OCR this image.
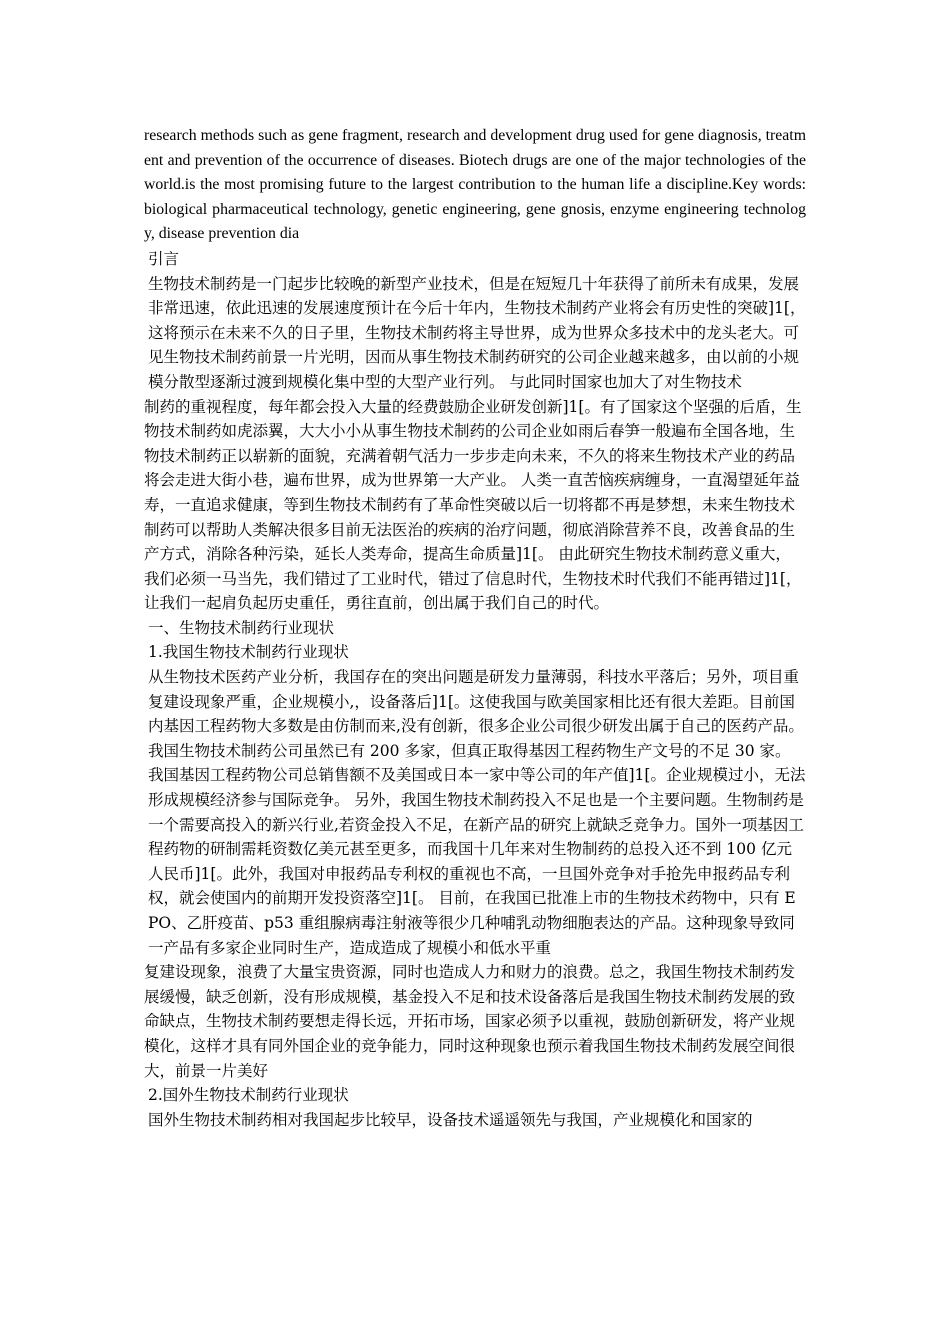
research methods such as gene fragment, research and development drug used for gene diagnosis, treatment and prevention of the occurrence of diseases. Biotech drugs are one of the major technologies of the world.is the most promising future to the largest contribution to the human life a discipline.Key words: biological pharmaceutical technology, genetic engineering, gene gnosis, enzyme engineering technology, disease prevention dia

引言

生物技术制药是一门起步比较晚的新型产业技术，但是在短短几十年获得了前所未有成果，发展非常迅速，依此迅速的发展速度预计在今后十年内，生物技术制药产业将会有历史性的突破]1[，这将预示在未来不久的日子里，生物技术制药将主导世界，成为世界众多技术中的龙头老大。可见生物技术制药前景一片光明，因而从事生物技术制药研究的公司企业越来越多，由以前的小规模分散型逐渐过渡到规模化集中型的大型产业行列。 与此同时国家也加大了对生物技术

制药的重视程度，每年都会投入大量的经费鼓励企业研发创新]1[。有了国家这个坚强的后盾，生物技术制药如虎添翼，大大小小从事生物技术制药的公司企业如雨后春笋一般遍布全国各地，生物技术制药正以崭新的面貌，充满着朝气活力一步步走向未来，不久的将来生物技术产业的药品将会走进大街小巷，遍布世界，成为世界第一大产业。 人类一直苦恼疾病缠身，一直渴望延年益寿，一直追求健康，等到生物技术制药有了革命性突破以后一切将都不再是梦想，未来生物技术制药可以帮助人类解决很多目前无法医治的疾病的治疗问题，彻底消除营养不良，改善食品的生产方式，消除各种污染，延长人类寿命，提高生命质量]1[。 由此研究生物技术制药意义重大，我们必须一马当先，我们错过了工业时代，错过了信息时代，生物技术时代我们不能再错过]1[，让我们一起肩负起历史重任，勇往直前，创出属于我们自己的时代。

一、生物技术制药行业现状

1.我国生物技术制药行业现状

从生物技术医药产业分析，我国存在的突出问题是研发力量薄弱，科技水平落后；另外，项目重复建设现象严重，企业规模小,，设备落后]1[。这使我国与欧美国家相比还有很大差距。目前国内基因工程药物大多数是由仿制而来,没有创新，很多企业公司很少研发出属于自己的医药产品。我国生物技术制药公司虽然已有 200 多家，但真正取得基因工程药物生产文号的不足 30 家。我国基因工程药物公司总销售额不及美国或日本一家中等公司的年产值]1[。企业规模过小，无法形成规模经济参与国际竞争。 另外，我国生物技术制药投入不足也是一个主要问题。生物制药是一个需要高投入的新兴行业,若资金投入不足，在新产品的研究上就缺乏竞争力。国外一项基因工程药物的研制需耗资数亿美元甚至更多，而我国十几年来对生物制药的总投入还不到 100 亿元人民币]1[。此外，我国对申报药品专利权的重视也不高，一旦国外竞争对手抢先申报药品专利权，就会使国内的前期开发投资落空]1[。 目前，在我国已批准上市的生物技术药物中，只有 EPO、乙肝疫苗、p53 重组腺病毒注射液等很少几种哺乳动物细胞表达的产品。这种现象导致同一产品有多家企业同时生产，造成造成了规模小和低水平重

复建设现象，浪费了大量宝贵资源，同时也造成人力和财力的浪费。总之，我国生物技术制药发展缓慢，缺乏创新，没有形成规模，基金投入不足和技术设备落后是我国生物技术制药发展的致命缺点，生物技术制药要想走得长远，开拓市场，国家必须予以重视，鼓励创新研发，将产业规模化，这样才具有同外国企业的竞争能力，同时这种现象也预示着我国生物技术制药发展空间很大，前景一片美好

2.国外生物技术制药行业现状

国外生物技术制药相对我国起步比较早，设备技术遥遥领先与我国，产业规模化和国家的
